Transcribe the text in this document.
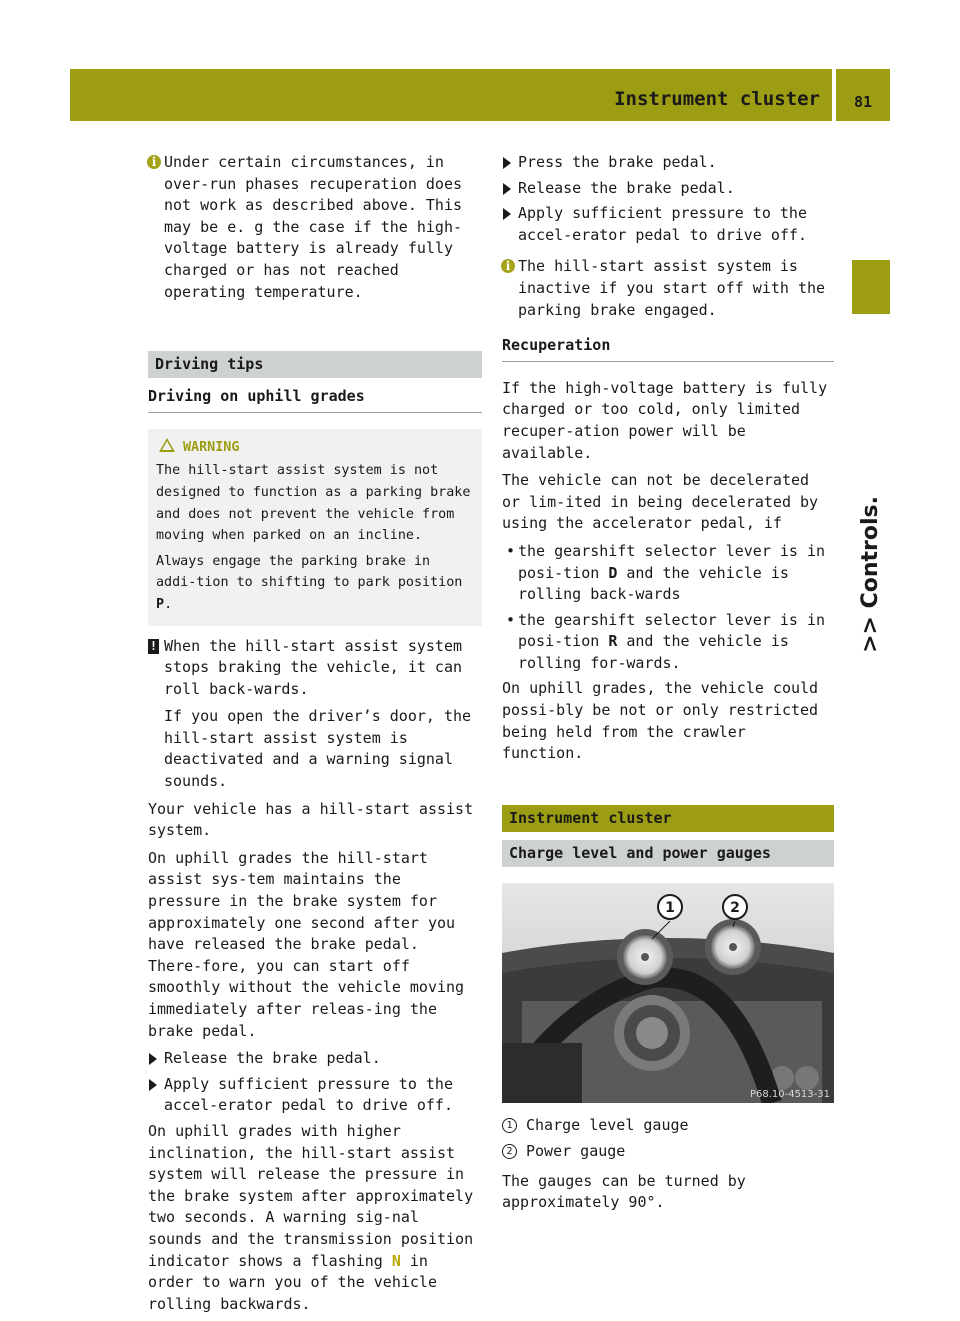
Instrument cluster	81
>> Controls.
i Under certain circumstances, in over-run phases recuperation does not work as described above. This may be e. g the case if the high-voltage battery is already fully charged or has not reached operating temperature.
Driving tips
Driving on uphill grades
WARNING

The hill-start assist system is not designed to function as a parking brake and does not prevent the vehicle from moving when parked on an incline.

Always engage the parking brake in addi-tion to shifting to park position P.

! When the hill-start assist system stops braking the vehicle, it can roll back-wards.

If you open the driver’s door, the hill-start assist system is deactivated and a warning signal sounds.

Your vehicle has a hill-start assist system.

On uphill grades the hill-start assist sys-tem maintains the pressure in the brake system for approximately one second after you have released the brake pedal. There-fore, you can start off smoothly without the vehicle moving immediately after releas-ing the brake pedal.

Release the brake pedal.
Apply sufficient pressure to the accel-erator pedal to drive off.

On uphill grades with higher inclination, the hill-start assist system will release the pressure in the brake system after approximately two seconds. A warning sig-nal sounds and the transmission position indicator shows a flashing N in order to warn you of the vehicle rolling backwards.

Press the brake pedal.
Release the brake pedal.
Apply sufficient pressure to the accel-erator pedal to drive off.
i The hill-start assist system is inactive if you start off with the parking brake engaged.
Recuperation

If the high-voltage battery is fully charged or too cold, only limited recuper-ation power will be available.

The vehicle can not be decelerated or lim-ited in being decelerated by using the accelerator pedal, if

• the gearshift selector lever is in posi-tion D and the vehicle is rolling back-wards
• the gearshift selector lever is in posi-tion R and the vehicle is rolling for-wards.

On uphill grades, the vehicle could possi-bly be not or only restricted being held from the crawler function.

Instrument cluster
Charge level and power gauges
1	2
P68.10-4513-31
1 Charge level gauge
2 Power gauge

The gauges can be turned by approximately 90°.
